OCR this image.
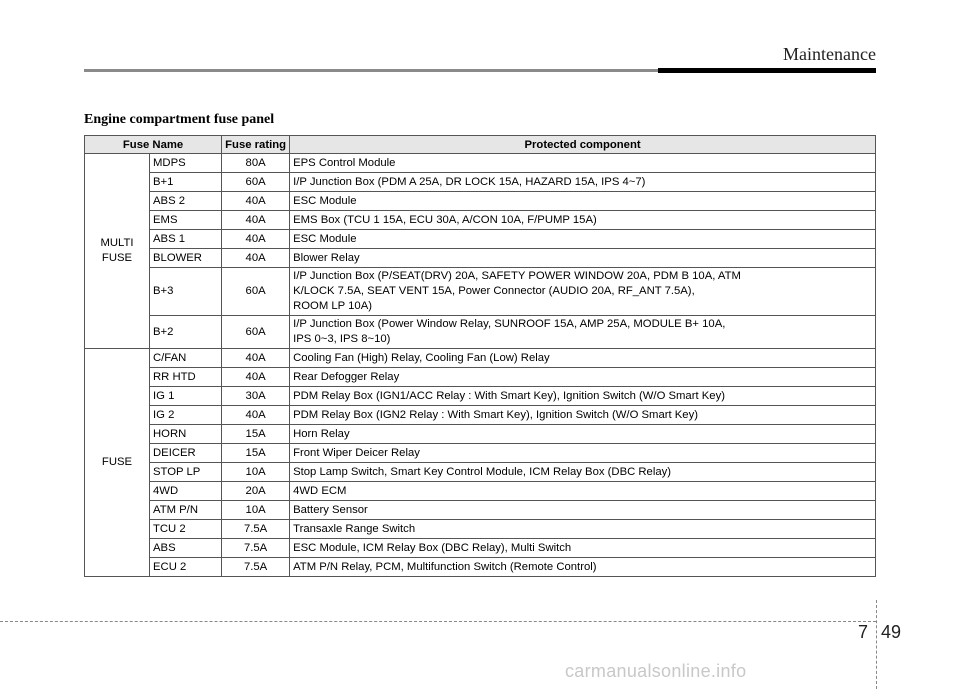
Maintenance
Engine compartment fuse panel
Fuse Name		Fuse rating	Protected component
MULTI
FUSE	MDPS	80A	EPS Control Module
	B+1	60A	I/P Junction Box (PDM A 25A, DR LOCK 15A, HAZARD 15A, IPS 4~7)
	ABS 2	40A	ESC Module
	EMS	40A	EMS Box (TCU 1 15A, ECU 30A, A/CON 10A, F/PUMP 15A)
	ABS 1	40A	ESC Module
	BLOWER	40A	Blower Relay
	B+3	60A	I/P Junction Box (P/SEAT(DRV) 20A, SAFETY POWER WINDOW 20A, PDM B 10A, ATM
K/LOCK 7.5A, SEAT VENT 15A, Power Connector (AUDIO 20A, RF_ANT 7.5A),
ROOM LP 10A)
	B+2	60A	I/P Junction Box (Power Window Relay, SUNROOF 15A, AMP 25A, MODULE B+ 10A,
IPS 0~3, IPS 8~10)
FUSE	C/FAN	40A	Cooling Fan (High) Relay, Cooling Fan (Low) Relay
	RR HTD	40A	Rear Defogger Relay
	IG 1	30A	PDM Relay Box (IGN1/ACC Relay : With Smart Key), Ignition Switch (W/O Smart Key)
	IG 2	40A	PDM Relay Box (IGN2 Relay : With Smart Key), Ignition Switch (W/O Smart Key)
	HORN	15A	Horn Relay
	DEICER	15A	Front Wiper Deicer Relay
	STOP LP	10A	Stop Lamp Switch, Smart Key Control Module, ICM Relay Box (DBC Relay)
	4WD	20A	4WD ECM
	ATM P/N	10A	Battery Sensor
	TCU 2	7.5A	Transaxle Range Switch
	ABS	7.5A	ESC Module, ICM Relay Box (DBC Relay), Multi Switch
	ECU 2	7.5A	ATM P/N Relay, PCM, Multifunction Switch (Remote Control)
7 49
carmanualsonline.info
